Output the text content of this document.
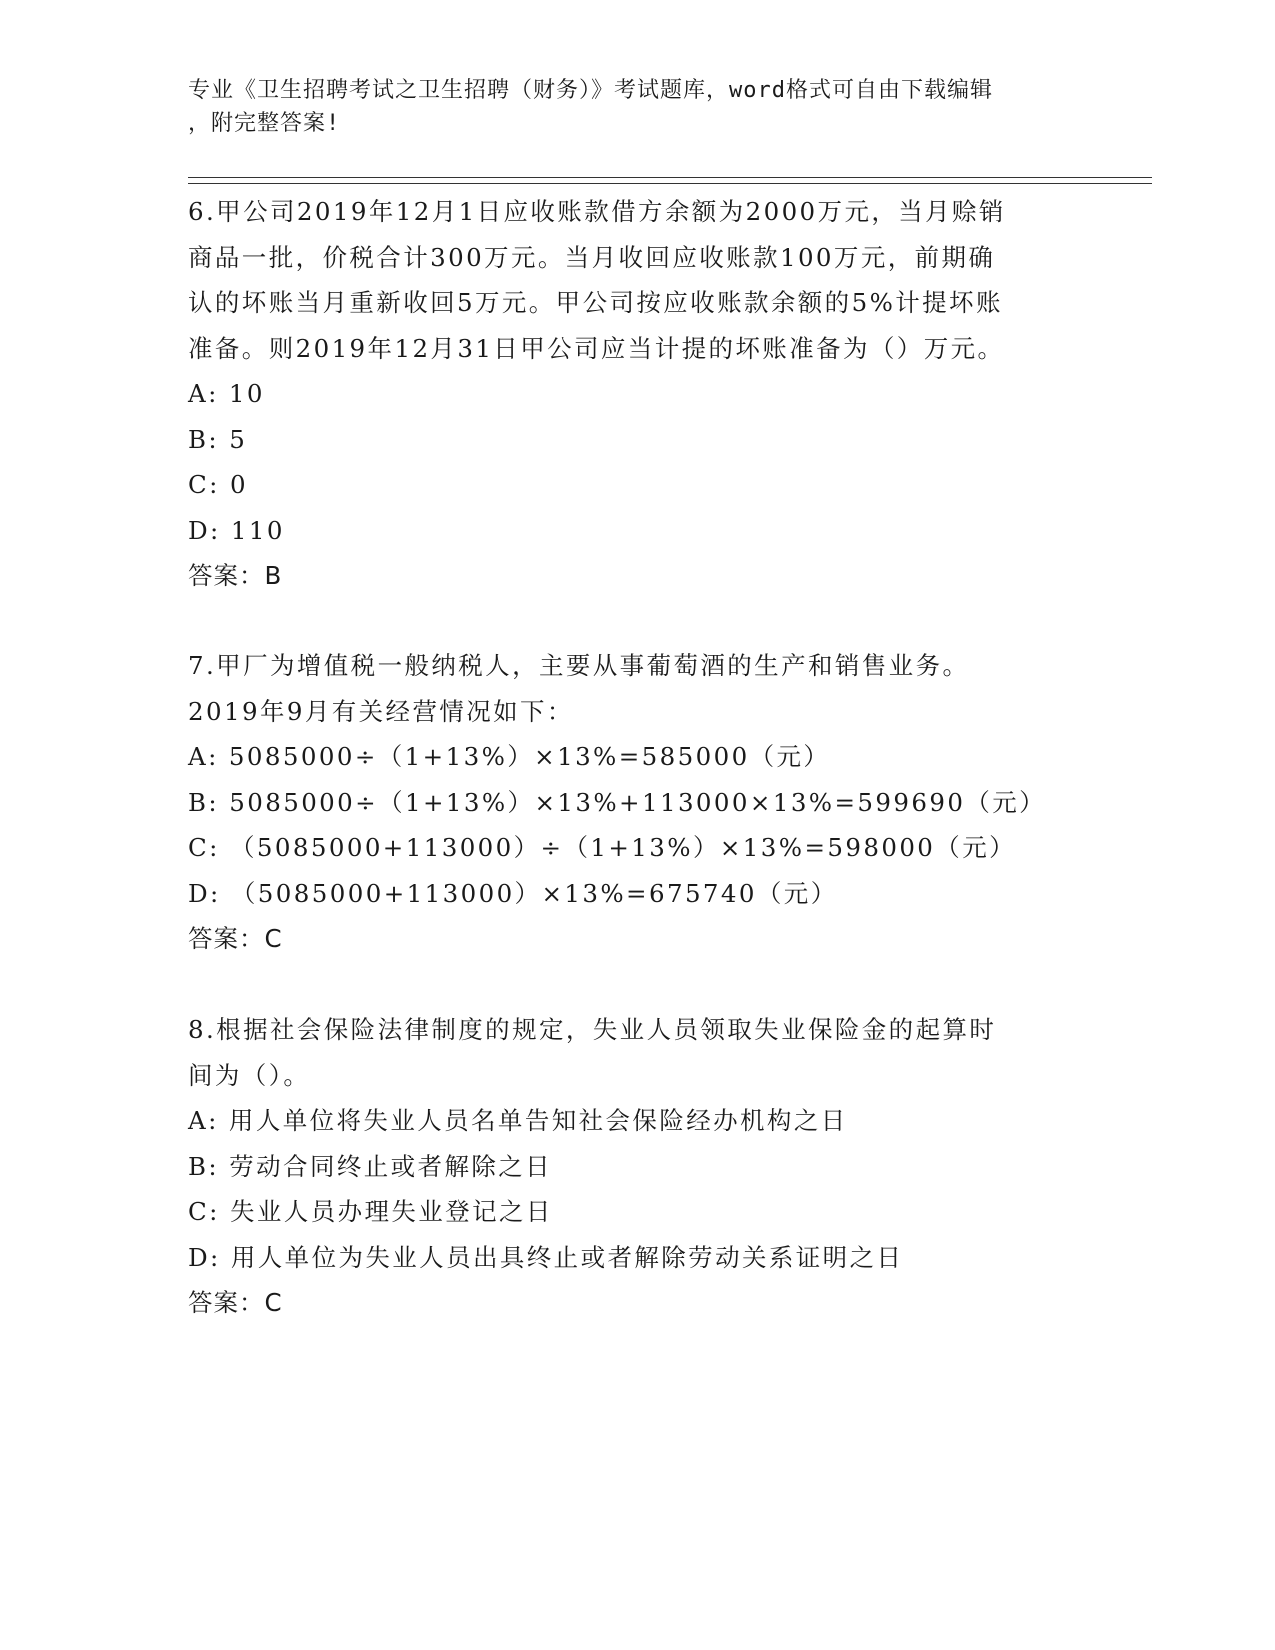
专业《卫生招聘考试之卫生招聘（财务）》考试题库，word格式可自由下载编辑
，附完整答案!
6.甲公司2019年12月1日应收账款借方余额为2000万元，当月赊销
商品一批，价税合计300万元。当月收回应收账款100万元，前期确
认的坏账当月重新收回5万元。甲公司按应收账款余额的5%计提坏账
准备。则2019年12月31日甲公司应当计提的坏账准备为（）万元。
A: 10
B: 5
C: 0
D: 110
答案：B
7.甲厂为增值税一般纳税人，主要从事葡萄酒的生产和销售业务。
2019年9月有关经营情况如下：
A: 5085000÷（1+13%）×13%=585000（元）
B: 5085000÷（1+13%）×13%+113000×13%=599690（元）
C: （5085000+113000）÷（1+13%）×13%=598000（元）
D: （5085000+113000）×13%=675740（元）
答案：C
8.根据社会保险法律制度的规定，失业人员领取失业保险金的起算时
间为（）。
A: 用人单位将失业人员名单告知社会保险经办机构之日
B: 劳动合同终止或者解除之日
C: 失业人员办理失业登记之日
D: 用人单位为失业人员出具终止或者解除劳动关系证明之日
答案：C
